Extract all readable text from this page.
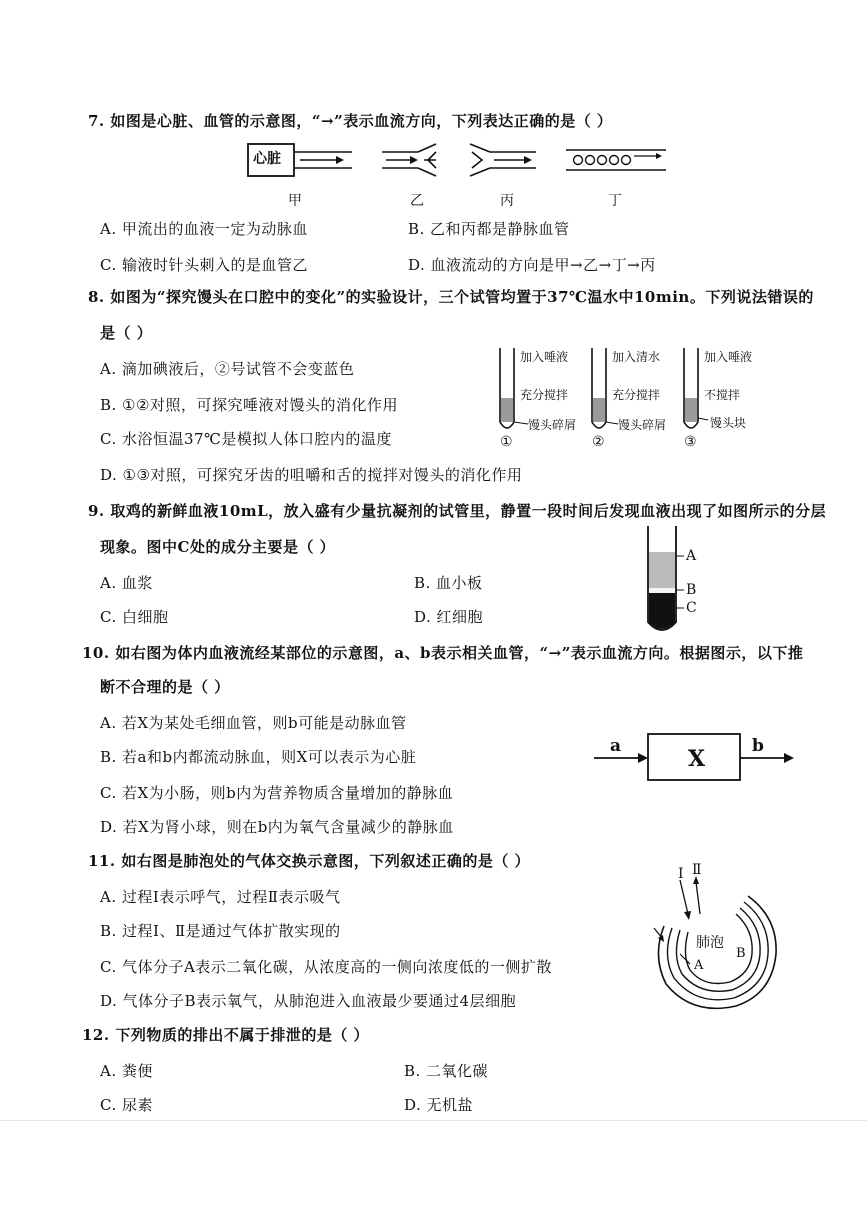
7. 如图是心脏、血管的示意图，“→”表示血流方向，下列表达正确的是（ ）
心脏
甲	乙	丙	丁
A. 甲流出的血液一定为动脉血	B. 乙和丙都是静脉血管
C. 输液时针头刺入的是血管乙	D. 血液流动的方向是甲→乙→丁→丙
8. 如图为“探究馒头在口腔中的变化”的实验设计，三个试管均置于37℃温水中10min。下列说法错误的
是（ ）
A. 滴加碘液后，②号试管不会变蓝色
B. ①②对照，可探究唾液对馒头的消化作用
C. 水浴恒温37℃是模拟人体口腔内的温度
D. ①③对照，可探究牙齿的咀嚼和舌的搅拌对馒头的消化作用
加入唾液
充分搅拌
馒头碎屑
①
加入清水
充分搅拌
馒头碎屑
②
加入唾液
不搅拌
馒头块
③
9. 取鸡的新鲜血液10mL，放入盛有少量抗凝剂的试管里，静置一段时间后发现血液出现了如图所示的分层
现象。图中C处的成分主要是（ ）
A. 血浆	B. 血小板
C. 白细胞	D. 红细胞
A
B
C
10. 如右图为体内血液流经某部位的示意图，a、b表示相关血管，“→”表示血流方向。根据图示，以下推
断不合理的是（ ）
A. 若X为某处毛细血管，则b可能是动脉血管
B. 若a和b内都流动脉血，则X可以表示为心脏
C. 若X为小肠，则b内为营养物质含量增加的静脉血
D. 若X为肾小球，则在b内为氧气含量减少的静脉血
a	X	b
11. 如右图是肺泡处的气体交换示意图，下列叙述正确的是（ ）
A. 过程Ⅰ表示呼气，过程Ⅱ表示吸气
B. 过程Ⅰ、Ⅱ是通过气体扩散实现的
C. 气体分子A表示二氧化碳，从浓度高的一侧向浓度低的一侧扩散
D. 气体分子B表示氧气，从肺泡进入血液最少要通过4层细胞
Ⅰ Ⅱ
肺泡
A
B
12. 下列物质的排出不属于排泄的是（ ）
A. 粪便	B. 二氧化碳
C. 尿素	D. 无机盐
